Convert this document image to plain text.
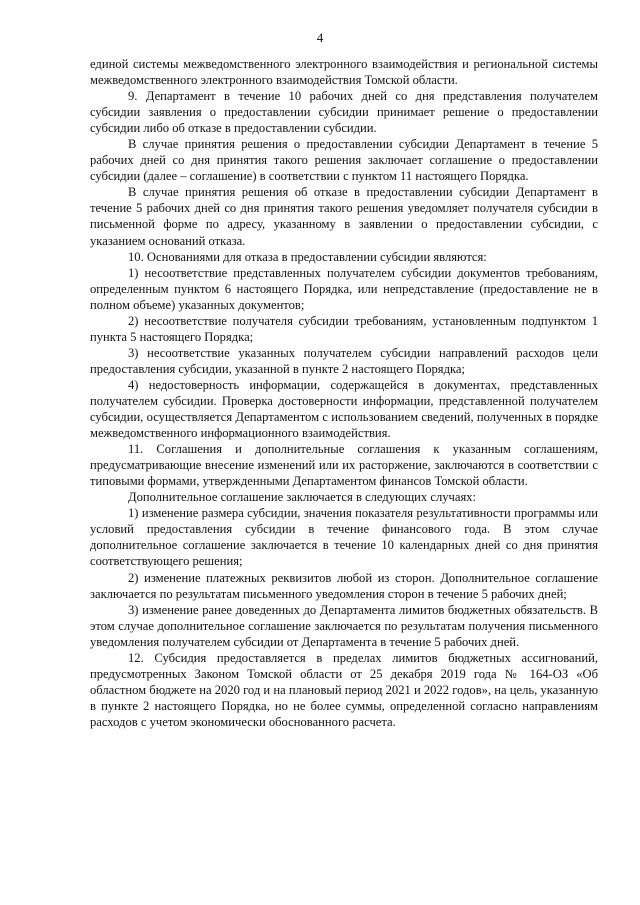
4

единой системы межведомственного электронного взаимодействия и региональной системы межведомственного электронного взаимодействия Томской области.

9. Департамент в течение 10 рабочих дней со дня представления получателем субсидии заявления о предоставлении субсидии принимает решение о предоставлении субсидии либо об отказе в предоставлении субсидии.

В случае принятия решения о предоставлении субсидии Департамент в течение 5 рабочих дней со дня принятия такого решения заключает соглашение о предоставлении субсидии (далее – соглашение) в соответствии с пунктом 11 настоящего Порядка.

В случае принятия решения об отказе в предоставлении субсидии Департамент в течение 5 рабочих дней со дня принятия такого решения уведомляет получателя субсидии в письменной форме по адресу, указанному в заявлении о предоставлении субсидии, с указанием оснований отказа.

10. Основаниями для отказа в предоставлении субсидии являются:

1) несоответствие представленных получателем субсидии документов требованиям, определенным пунктом 6 настоящего Порядка, или непредставление (предоставление не в полном объеме) указанных документов;

2) несоответствие получателя субсидии требованиям, установленным подпунктом 1 пункта 5 настоящего Порядка;

3) несоответствие указанных получателем субсидии направлений расходов цели предоставления субсидии, указанной в пункте 2 настоящего Порядка;

4) недостоверность информации, содержащейся в документах, представленных получателем субсидии. Проверка достоверности информации, представленной получателем субсидии, осуществляется Департаментом с использованием сведений, полученных в порядке межведомственного информационного взаимодействия.

11. Соглашения и дополнительные соглашения к указанным соглашениям, предусматривающие внесение изменений или их расторжение, заключаются в соответствии с типовыми формами, утвержденными Департаментом финансов Томской области.

Дополнительное соглашение заключается в следующих случаях:

1) изменение размера субсидии, значения показателя результативности программы или условий предоставления субсидии в течение финансового года. В этом случае дополнительное соглашение заключается в течение 10 календарных дней со дня принятия соответствующего решения;

2) изменение платежных реквизитов любой из сторон. Дополнительное соглашение заключается по результатам письменного уведомления сторон в течение 5 рабочих дней;

3) изменение ранее доведенных до Департамента лимитов бюджетных обязательств. В этом случае дополнительное соглашение заключается по результатам получения письменного уведомления получателем субсидии от Департамента в течение 5 рабочих дней.

12. Субсидия предоставляется в пределах лимитов бюджетных ассигнований, предусмотренных Законом Томской области от 25 декабря 2019 года № 164-ОЗ «Об областном бюджете на 2020 год и на плановый период 2021 и 2022 годов», на цель, указанную в пункте 2 настоящего Порядка, но не более суммы, определенной согласно направлениям расходов с учетом экономически обоснованного расчета.
